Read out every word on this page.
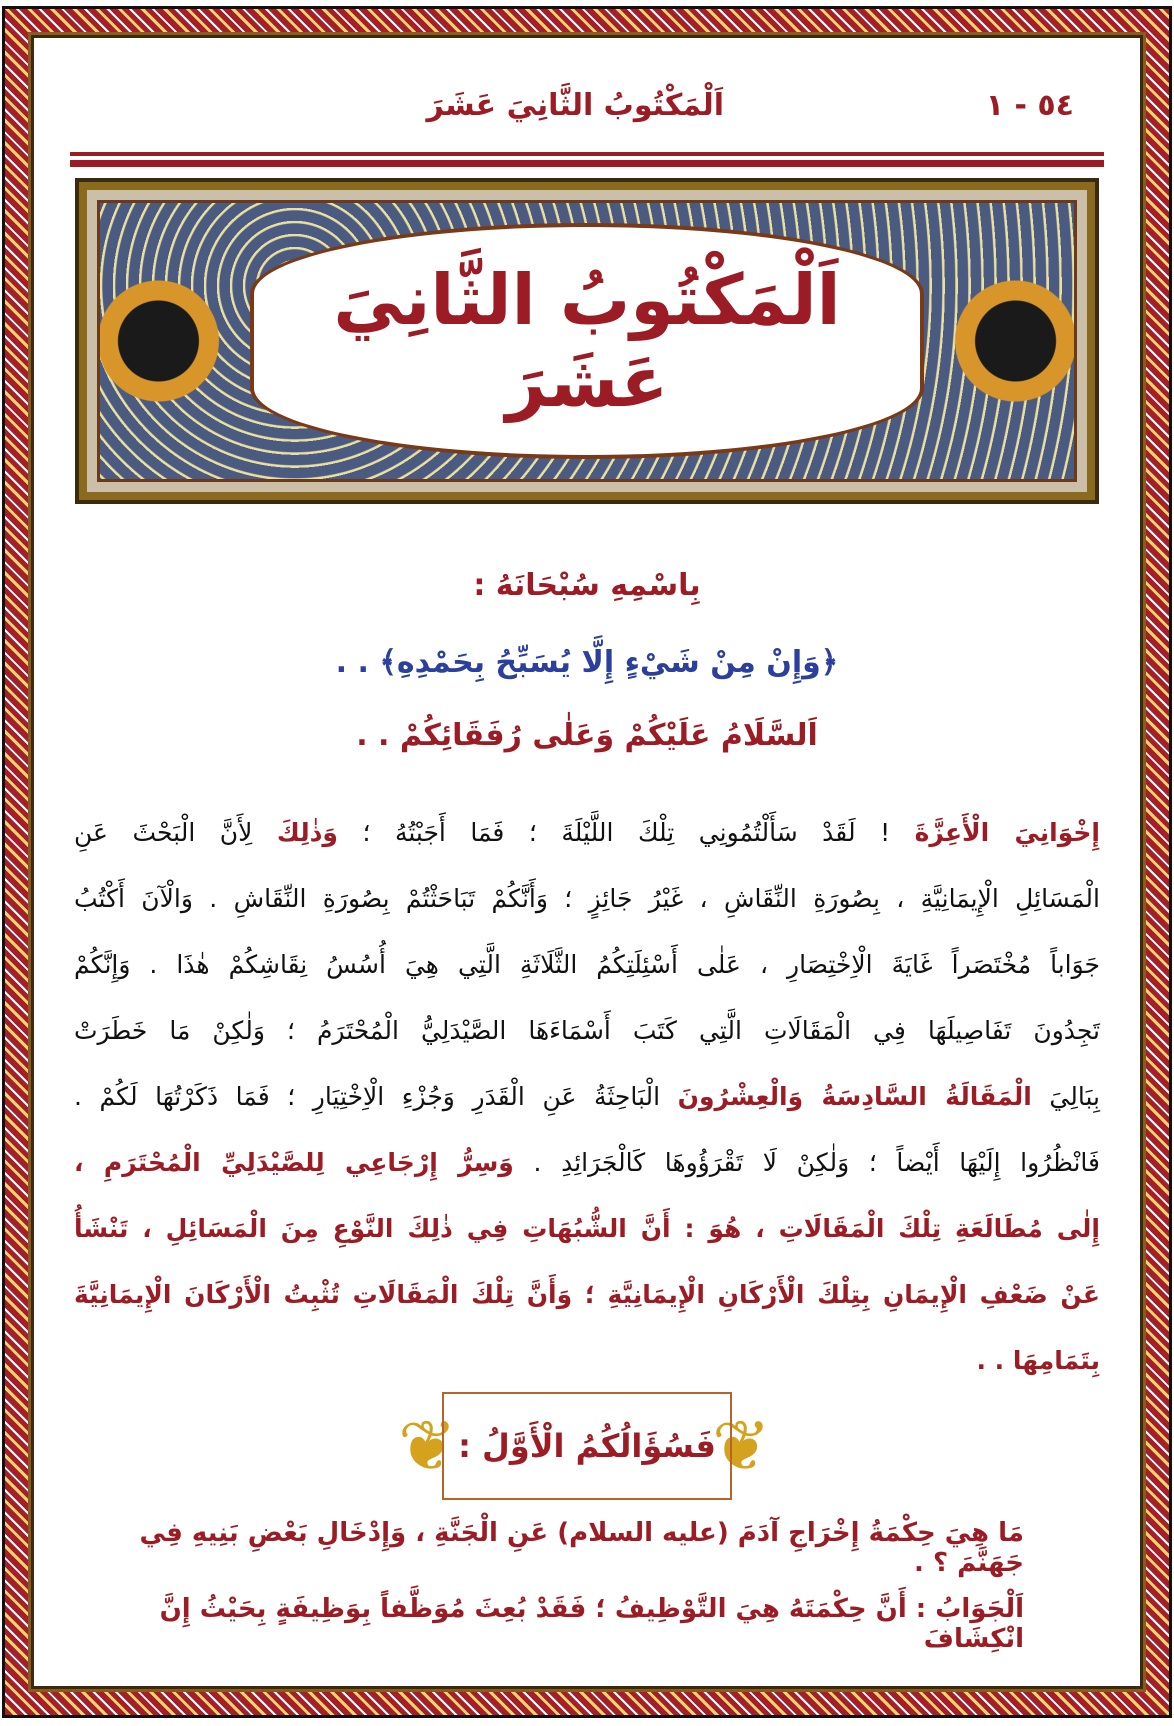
٥٤ - ١
اَلْمَكْتُوبُ الثَّانِيَ عَشَرَ
اَلْمَكْتُوبُ الثَّانِيَ عَشَرَ
بِاسْمِهِ سُبْحَانَهُ :
﴿وَإِنْ مِنْ شَيْءٍ إِلَّا يُسَبِّحُ بِحَمْدِهِ﴾ . .
اَلسَّلَامُ عَلَيْكُمْ وَعَلٰى رُفَقَائِكُمْ . .
إِخْوَانِيَ الْأَعِزَّةَ ! لَقَدْ سَأَلْتُمُونِي تِلْكَ اللَّيْلَةَ ؛ فَمَا أَجَبْتُهُ ؛ وَذٰلِكَ لِأَنَّ الْبَحْثَ عَنِ
الْمَسَائِلِ الْإِيمَانِيَّةِ ، بِصُورَةِ النِّقَاشِ ، غَيْرُ جَائِزٍ ؛ وَأَنَّكُمْ تَبَاحَثْتُمْ بِصُورَةِ النِّقَاشِ . وَالْآنَ أَكْتُبُ
جَوَاباً مُخْتَصَراً غَايَةَ الْاِخْتِصَارِ ، عَلٰى أَسْئِلَتِكُمُ الثَّلَاثَةِ الَّتِي هِيَ أُسُسُ نِقَاشِكُمْ هٰذَا . وَإِنَّكُمْ
تَجِدُونَ تَفَاصِيلَهَا فِي الْمَقَالَاتِ الَّتِي كَتَبَ أَسْمَاءَهَا الصَّيْدَلِيُّ الْمُحْتَرَمُ ؛ وَلٰكِنْ مَا خَطَرَتْ
بِبَالِيَ الْمَقَالَةُ السَّادِسَةُ وَالْعِشْرُونَ الْبَاحِثَةُ عَنِ الْقَدَرِ وَجُزْءِ الْاِخْتِيَارِ ؛ فَمَا ذَكَرْتُهَا لَكُمْ .
فَانْظُرُوا إِلَيْهَا أَيْضاً ؛ وَلٰكِنْ لَا تَقْرَؤُوهَا كَالْجَرَائِدِ . وَسِرُّ إِرْجَاعِي لِلصَّيْدَلِيِّ الْمُحْتَرَمِ ،
إِلٰى مُطَالَعَةِ تِلْكَ الْمَقَالَاتِ ، هُوَ : أَنَّ الشُّبُهَاتِ فِي ذٰلِكَ النَّوْعِ مِنَ الْمَسَائِلِ ، تَنْشَأُ
عَنْ ضَعْفِ الْإِيمَانِ بِتِلْكَ الْأَرْكَانِ الْإِيمَانِيَّةِ ؛ وَأَنَّ تِلْكَ الْمَقَالَاتِ تُثْبِتُ الْأَرْكَانَ الْإِيمَانِيَّةَ
بِتَمَامِهَا . .
❦	❦
فَسُؤَالُكُمُ الْأَوَّلُ :
مَا هِيَ حِكْمَةُ إِخْرَاجِ آدَمَ (عليه السلام) عَنِ الْجَنَّةِ ، وَإِدْخَالِ بَعْضِ بَنِيهِ فِي جَهَنَّمَ ؟ .
اَلْجَوَابُ : أَنَّ حِكْمَتَهُ هِيَ التَّوْظِيفُ ؛ فَقَدْ بُعِثَ مُوَظَّفاً بِوَظِيفَةٍ بِحَيْثُ إِنَّ انْكِشَافَ
